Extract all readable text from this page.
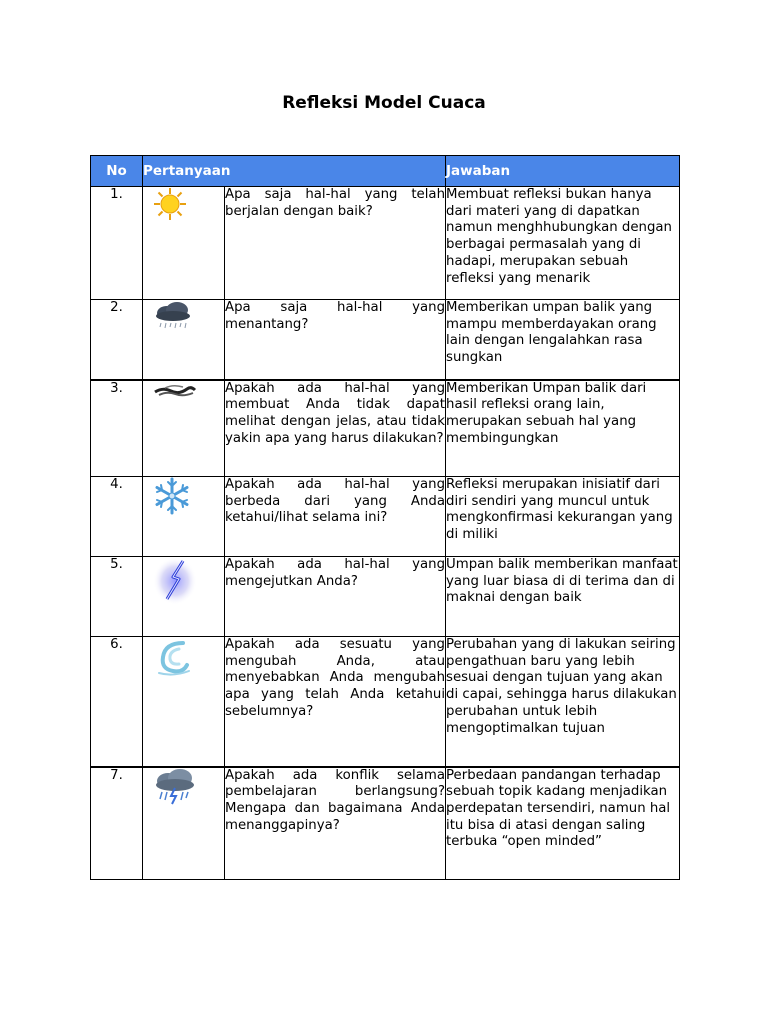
Refleksi Model Cuaca
No	Pertanyaan		Jawaban
1.		Apa saja hal-hal yang telah berjalan dengan baik?	Membuat refleksi bukan hanya dari materi yang di dapatkan namun menghhubungkan dengan berbagai permasalah yang di hadapi, merupakan sebuah refleksi yang menarik
2.		Apa saja hal-hal yang menantang?	Memberikan umpan balik yang mampu memberdayakan orang lain dengan lengalahkan rasa sungkan
3.		Apakah ada hal-hal yang membuat Anda tidak dapat melihat dengan jelas, atau tidak yakin apa yang harus dilakukan?	Memberikan Umpan balik dari hasil refleksi orang lain, merupakan sebuah hal yang membingungkan
4.		Apakah ada hal-hal yang berbeda dari yang Anda ketahui/lihat selama ini?	Refleksi merupakan inisiatif dari diri sendiri yang muncul untuk mengkonfirmasi kekurangan yang di miliki
5.		Apakah ada hal-hal yang mengejutkan Anda?	Umpan balik memberikan manfaat yang luar biasa di di terima dan di maknai dengan baik
6.		Apakah ada sesuatu yang mengubah Anda, atau menyebabkan Anda mengubah apa yang telah Anda ketahui sebelumnya?	Perubahan yang di lakukan seiring pengathuan baru yang lebih sesuai dengan tujuan yang akan di capai, sehingga harus dilakukan perubahan untuk lebih mengoptimalkan tujuan
7.		Apakah ada konflik selama pembelajaran berlangsung? Mengapa dan bagaimana Anda menanggapinya?	Perbedaan pandangan terhadap sebuah topik kadang menjadikan perdepatan tersendiri, namun hal itu bisa di atasi dengan saling terbuka “open minded”
